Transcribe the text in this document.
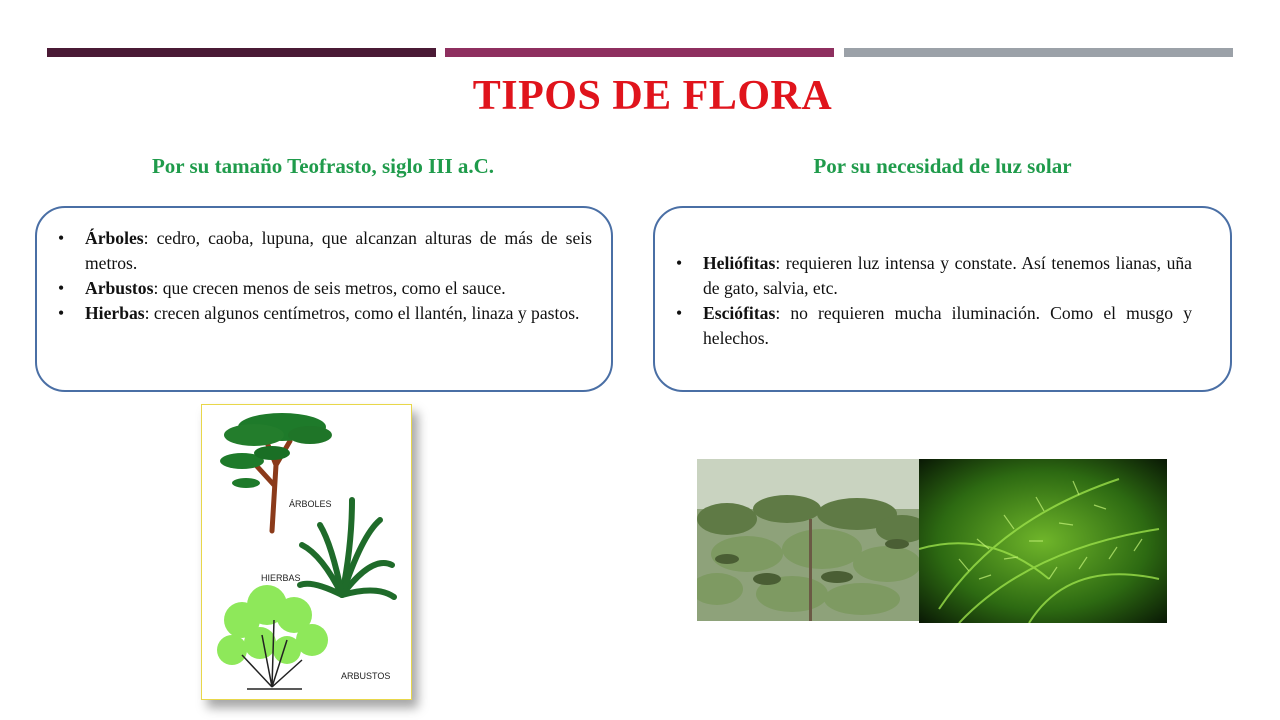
TIPOS DE FLORA
Por su tamaño Teofrasto, siglo III a.C.	Por su necesidad de luz solar
• Árboles: cedro, caoba, lupuna, que alcanzan alturas de más de seis metros.
• Arbustos: que crecen menos de seis metros, como el sauce.
• Hierbas: crecen algunos centímetros, como el llantén, linaza y pastos.
• Heliófitas: requieren luz intensa y constate. Así tenemos lianas, uña de gato, salvia, etc.
• Esciófitas: no requieren mucha iluminación. Como el musgo y helechos.
ÁRBOLES
HIERBAS
ARBUSTOS
